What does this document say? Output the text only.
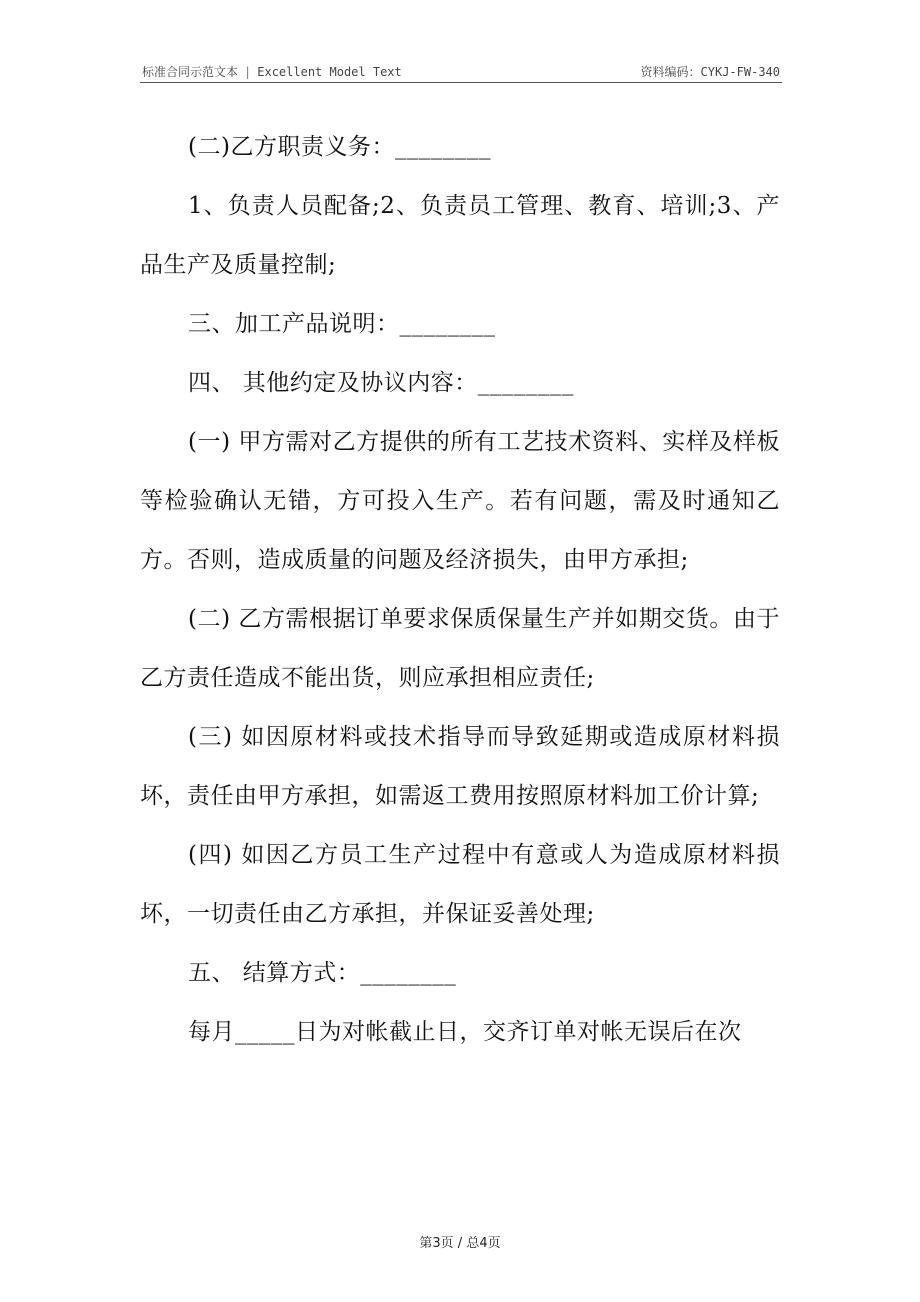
标准合同示范文本 | Excellent Model Text	资料编码：CYKJ-FW-340

(二)乙方职责义务：________

1、负责人员配备;2、负责员工管理、教育、培训;3、产品生产及质量控制;

三、加工产品说明：________

四、 其他约定及协议内容：________

(一) 甲方需对乙方提供的所有工艺技术资料、实样及样板等检验确认无错，方可投入生产。若有问题，需及时通知乙方。否则，造成质量的问题及经济损失，由甲方承担;

(二) 乙方需根据订单要求保质保量生产并如期交货。由于乙方责任造成不能出货，则应承担相应责任;

(三) 如因原材料或技术指导而导致延期或造成原材料损坏，责任由甲方承担，如需返工费用按照原材料加工价计算;

(四) 如因乙方员工生产过程中有意或人为造成原材料损坏，一切责任由乙方承担，并保证妥善处理;

五、 结算方式：________

每月_____日为对帐截止日，交齐订单对帐无误后在次

第3页 / 总4页
